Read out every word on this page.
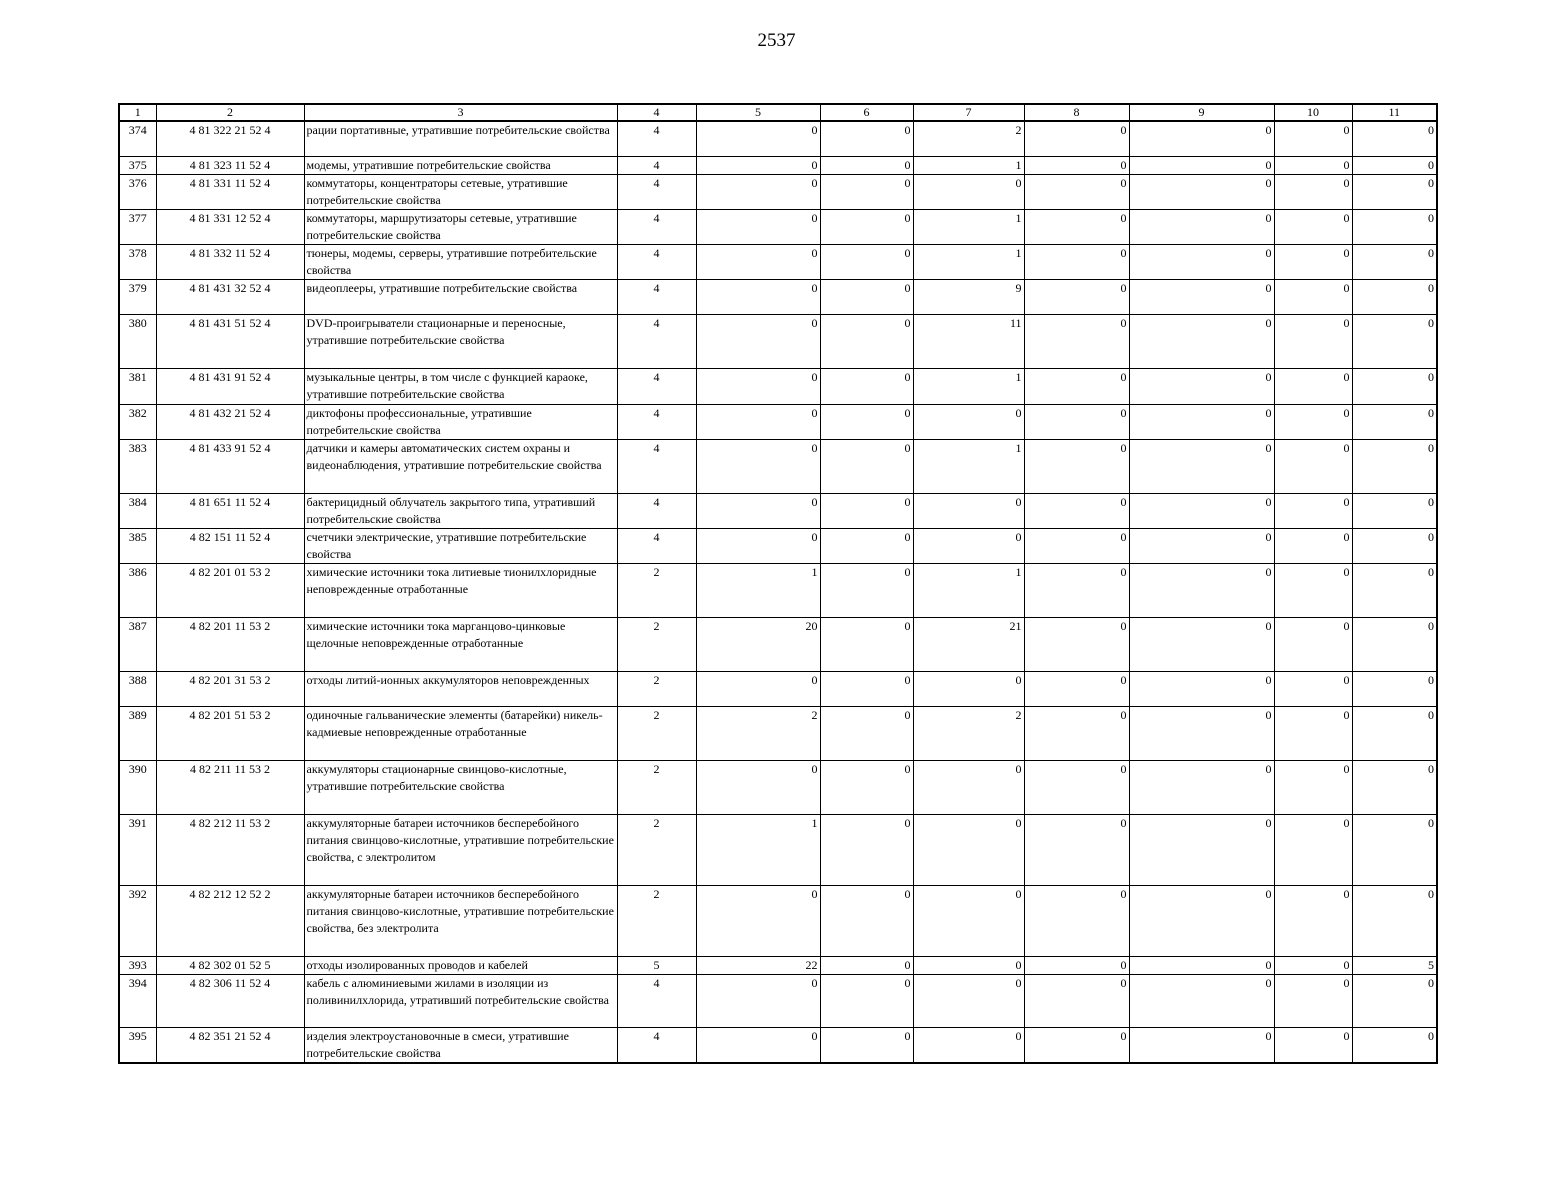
2537
1	2	3	4	5	6	7	8	9	10	11
374	4 81 322 21 52 4	рации портативные, утратившие потребительские свойства	4	0	0	2	0	0	0	0
375	4 81 323 11 52 4	модемы, утратившие потребительские свойства	4	0	0	1	0	0	0	0
376	4 81 331 11 52 4	коммутаторы, концентраторы сетевые, утратившие потребительские свойства	4	0	0	0	0	0	0	0
377	4 81 331 12 52 4	коммутаторы, маршрутизаторы сетевые, утратившие потребительские свойства	4	0	0	1	0	0	0	0
378	4 81 332 11 52 4	тюнеры, модемы, серверы, утратившие потребительские свойства	4	0	0	1	0	0	0	0
379	4 81 431 32 52 4	видеоплееры, утратившие потребительские свойства	4	0	0	9	0	0	0	0
380	4 81 431 51 52 4	DVD-проигрыватели стационарные и переносные, утратившие потребительские свойства	4	0	0	11	0	0	0	0
381	4 81 431 91 52 4	музыкальные центры, в том числе с функцией караоке, утратившие потребительские свойства	4	0	0	1	0	0	0	0
382	4 81 432 21 52 4	диктофоны профессиональные, утратившие потребительские свойства	4	0	0	0	0	0	0	0
383	4 81 433 91 52 4	датчики и камеры автоматических систем охраны и видеонаблюдения, утратившие потребительские свойства	4	0	0	1	0	0	0	0
384	4 81 651 11 52 4	бактерицидный облучатель закрытого типа, утративший потребительские свойства	4	0	0	0	0	0	0	0
385	4 82 151 11 52 4	счетчики электрические, утратившие потребительские свойства	4	0	0	0	0	0	0	0
386	4 82 201 01 53 2	химические источники тока литиевые тионилхлоридные неповрежденные отработанные	2	1	0	1	0	0	0	0
387	4 82 201 11 53 2	химические источники тока марганцово-цинковые щелочные неповрежденные отработанные	2	20	0	21	0	0	0	0
388	4 82 201 31 53 2	отходы литий-ионных аккумуляторов неповрежденных	2	0	0	0	0	0	0	0
389	4 82 201 51 53 2	одиночные гальванические элементы (батарейки) никель-кадмиевые неповрежденные отработанные	2	2	0	2	0	0	0	0
390	4 82 211 11 53 2	аккумуляторы стационарные свинцово-кислотные, утратившие потребительские свойства	2	0	0	0	0	0	0	0
391	4 82 212 11 53 2	аккумуляторные батареи источников бесперебойного питания свинцово-кислотные, утратившие потребительские свойства, с электролитом	2	1	0	0	0	0	0	0
392	4 82 212 12 52 2	аккумуляторные батареи источников бесперебойного питания свинцово-кислотные, утратившие потребительские свойства, без электролита	2	0	0	0	0	0	0	0
393	4 82 302 01 52 5	отходы изолированных проводов и кабелей	5	22	0	0	0	0	0	5
394	4 82 306 11 52 4	кабель с алюминиевыми жилами в изоляции из поливинилхлорида, утративший потребительские свойства	4	0	0	0	0	0	0	0
395	4 82 351 21 52 4	изделия электроустановочные в смеси, утратившие потребительские свойства	4	0	0	0	0	0	0	0
